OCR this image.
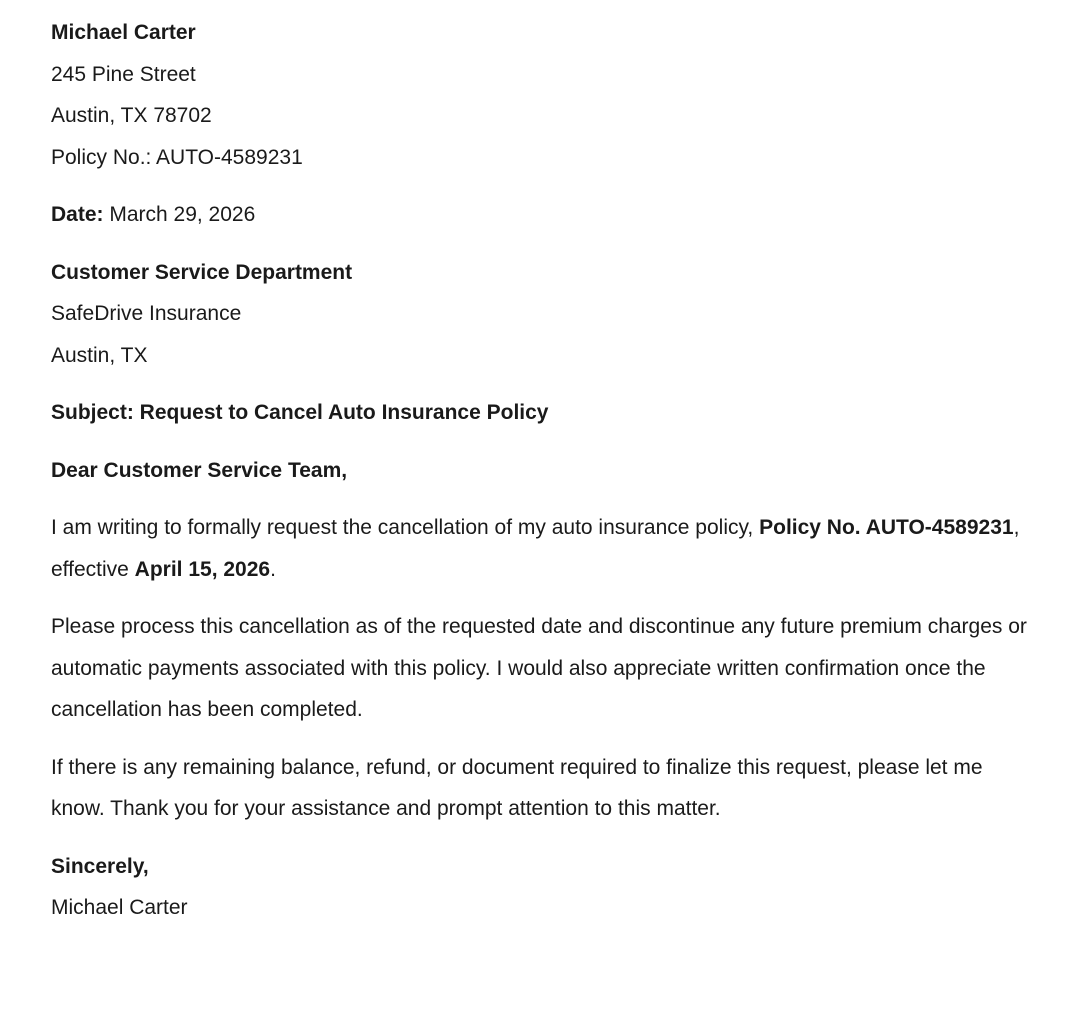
Michael Carter
245 Pine Street
Austin, TX 78702
Policy No.: AUTO-4589231
Date: March 29, 2026
Customer Service Department
SafeDrive Insurance
Austin, TX
Subject: Request to Cancel Auto Insurance Policy
Dear Customer Service Team,
I am writing to formally request the cancellation of my auto insurance policy, Policy No. AUTO-4589231, effective April 15, 2026.
Please process this cancellation as of the requested date and discontinue any future premium charges or automatic payments associated with this policy. I would also appreciate written confirmation once the cancellation has been completed.
If there is any remaining balance, refund, or document required to finalize this request, please let me know. Thank you for your assistance and prompt attention to this matter.
Sincerely,
Michael Carter
